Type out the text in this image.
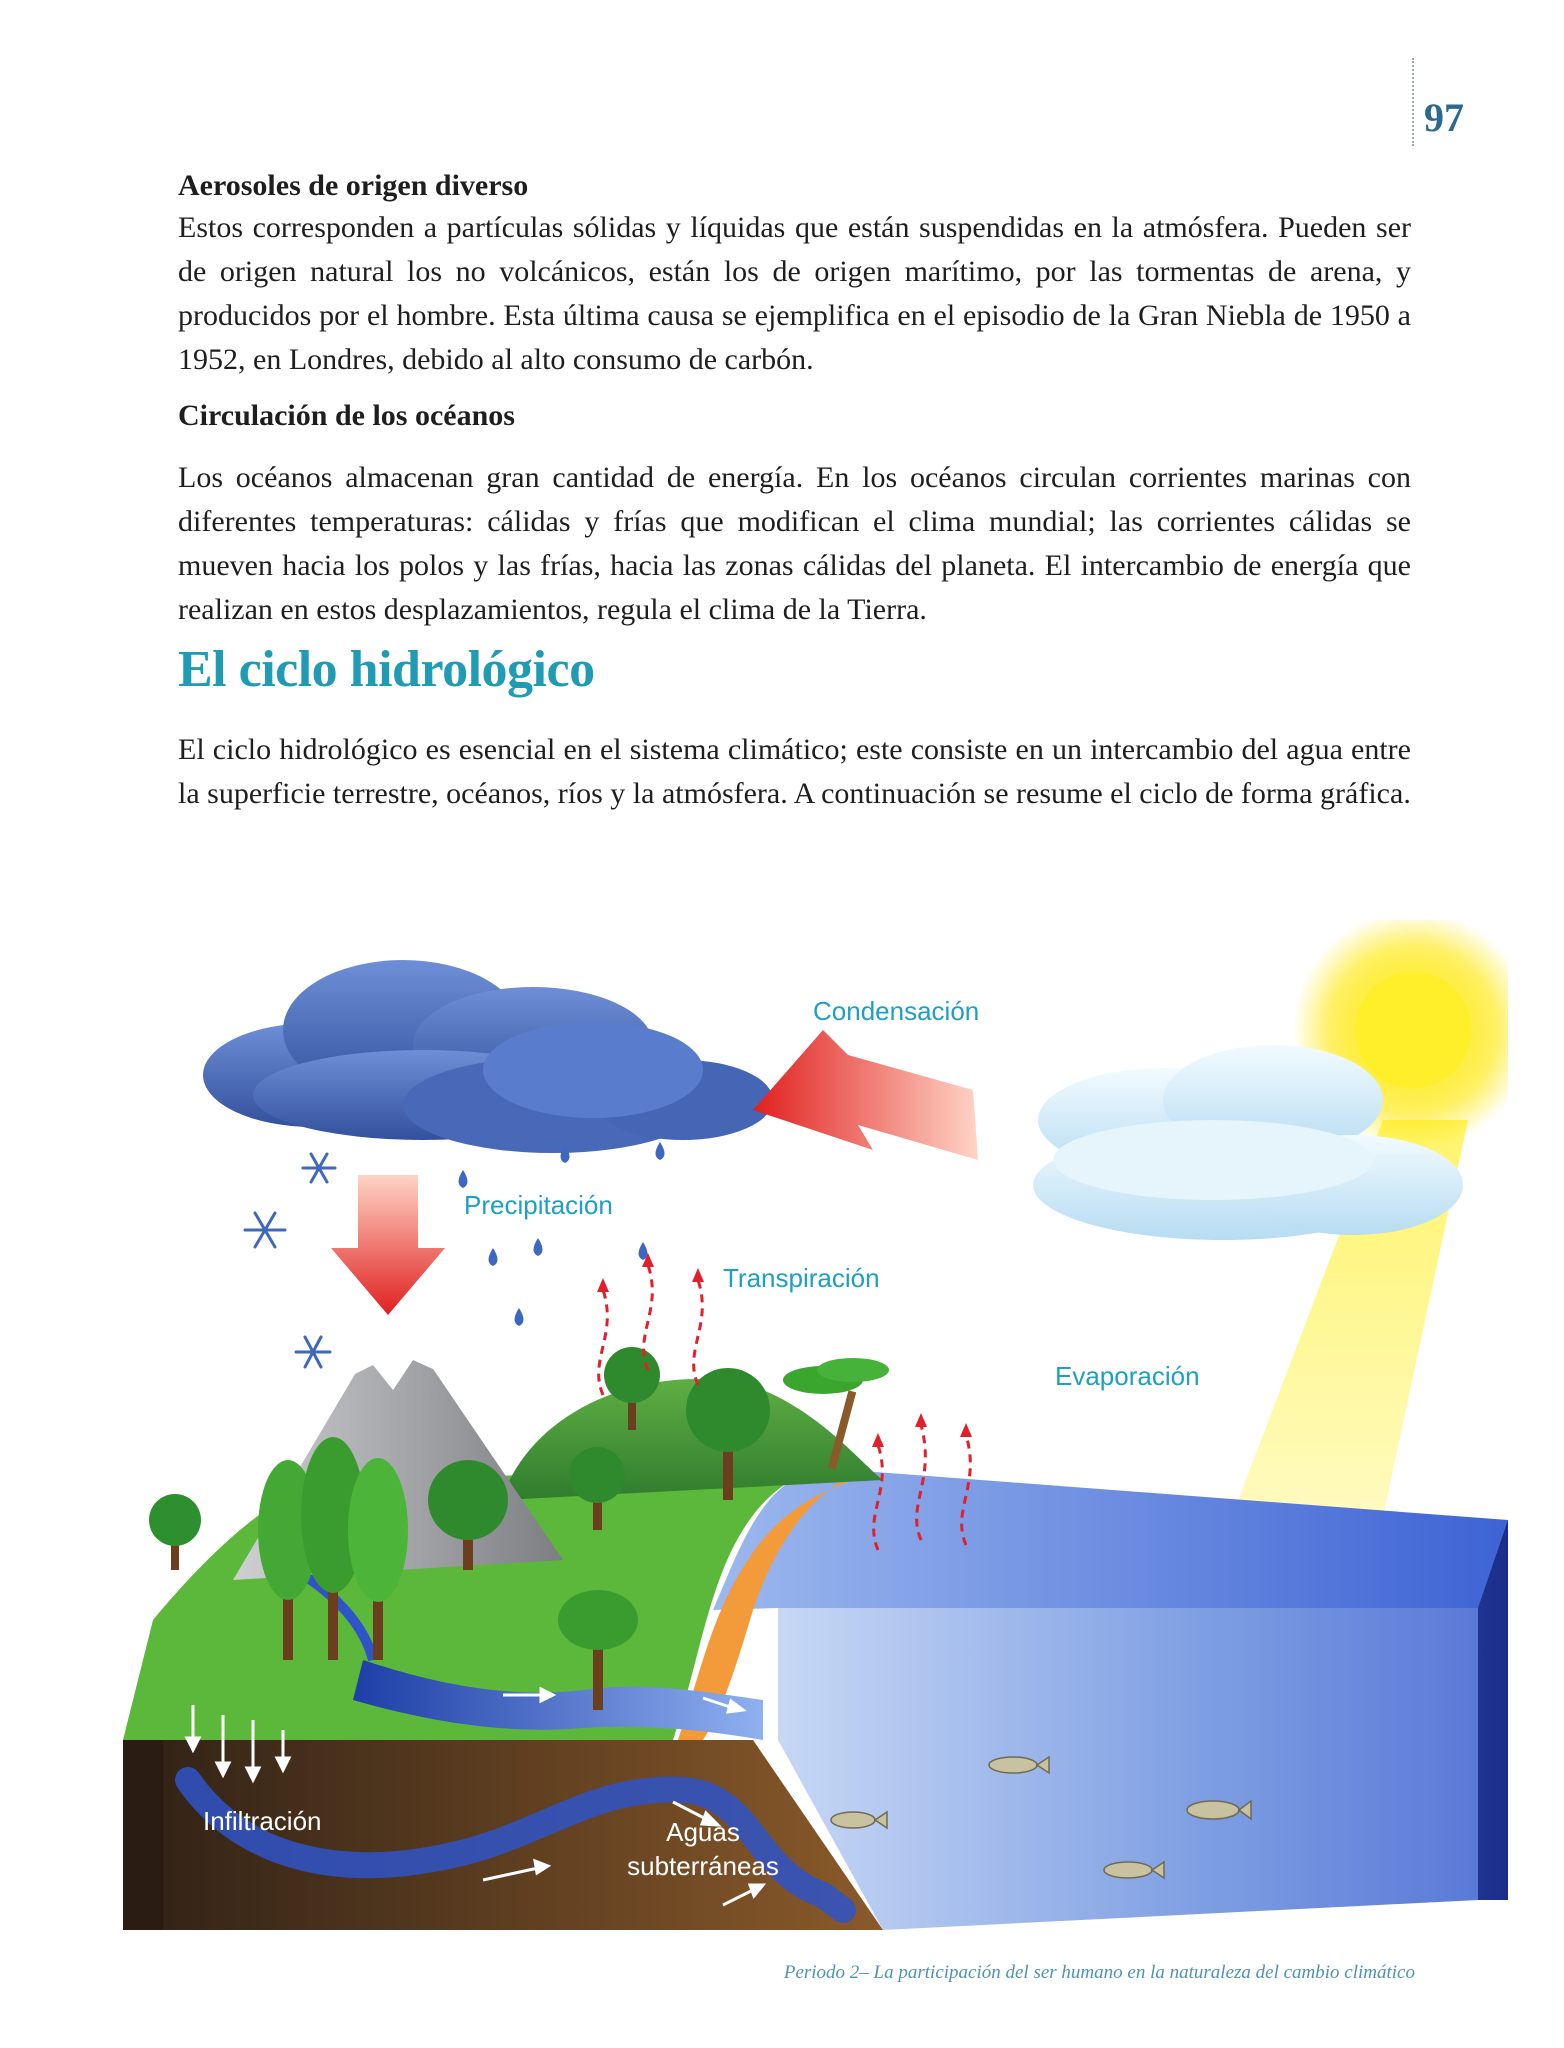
97
Aerosoles de origen diverso

Estos corresponden a partículas sólidas y líquidas que están suspendidas en la atmósfera. Pueden ser de origen natural los no volcánicos, están los de origen marítimo, por las tormentas de arena, y producidos por el hombre. Esta última causa se ejemplifica en el episodio de la Gran Niebla de 1950 a 1952, en Londres, debido al alto consumo de carbón.

Circulación de los océanos

Los océanos almacenan gran cantidad de energía. En los océanos circulan corrientes marinas con diferentes temperaturas: cálidas y frías que modifican el clima mundial; las corrientes cálidas se mueven hacia los polos y las frías, hacia las zonas cálidas del planeta. El intercambio de energía que realizan en estos desplazamientos, regula el clima de la Tierra.

El ciclo hidrológico

El ciclo hidrológico es esencial en el sistema climático; este consiste en un intercambio del agua entre la superficie terrestre, océanos, ríos y la atmósfera. A continuación se resume el ciclo de forma gráfica.

Condensación
Precipitación
Transpiración
Evaporación
Infiltración	Aguas
subterráneas
Periodo 2– La participación del ser humano en la naturaleza del cambio climático
